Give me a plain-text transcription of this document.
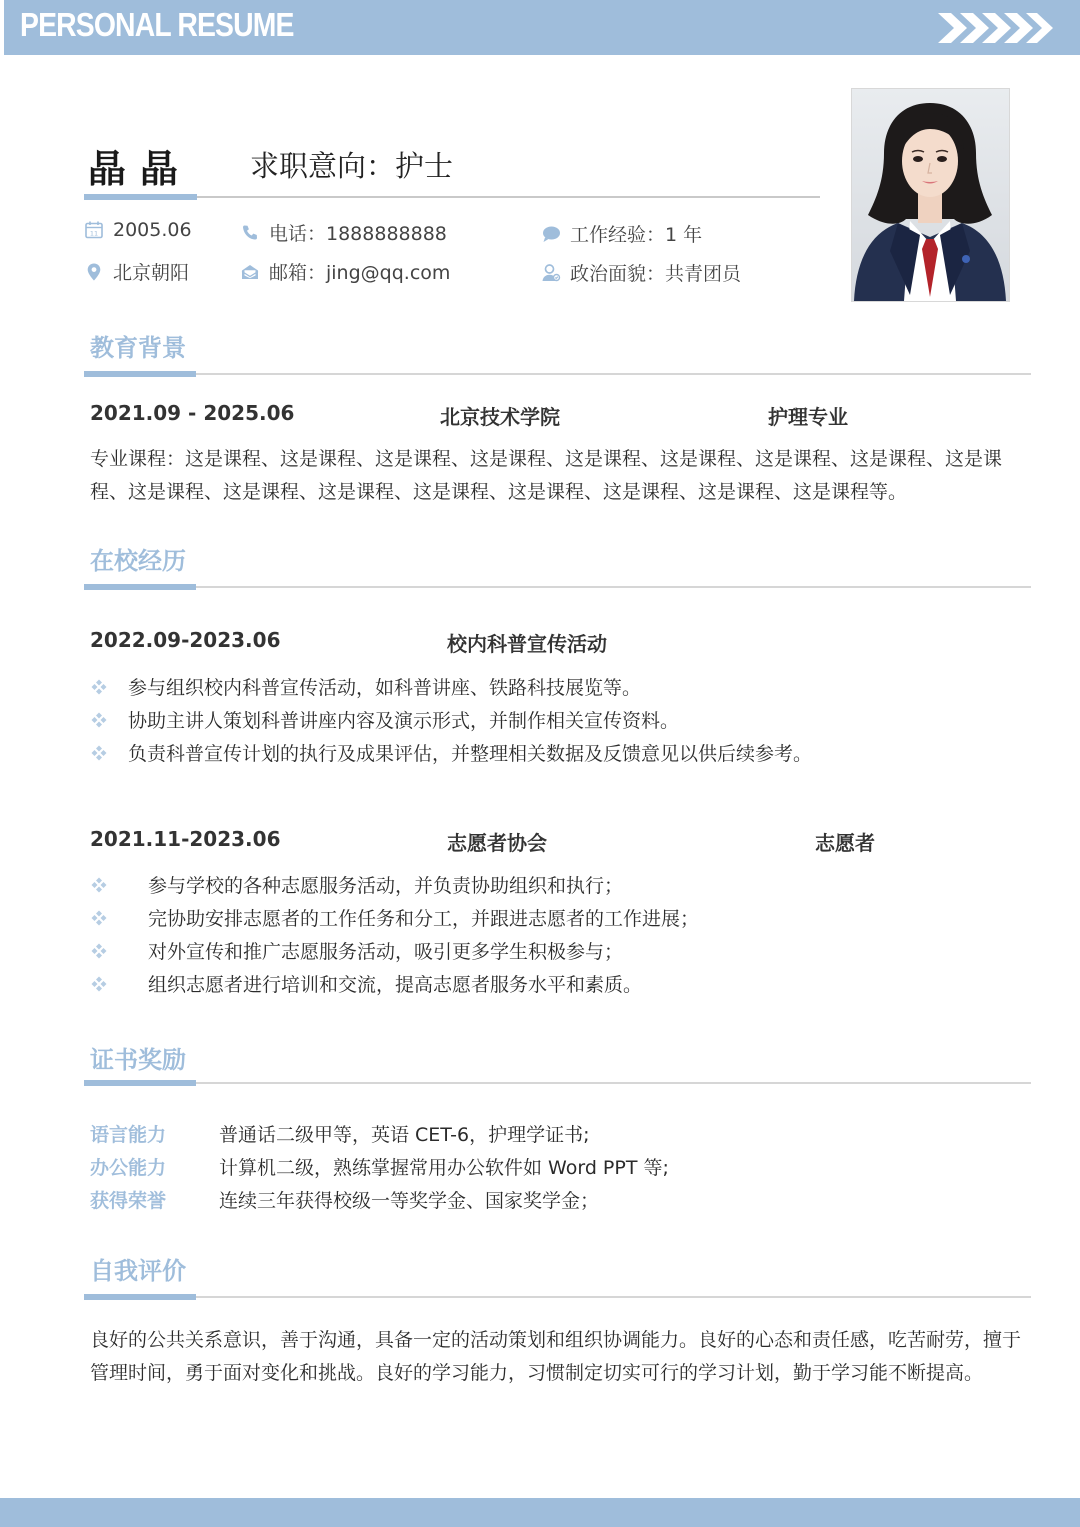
PERSONAL RESUME
晶晶 求职意向：护士
11 2005.06
北京朝阳
电话：1888888888
邮箱：jing@qq.com
工作经验：1 年
政治面貌：共青团员
教育背景
2021.09 - 2025.06	北京技术学院	护理专业
专业课程：这是课程、这是课程、这是课程、这是课程、这是课程、这是课程、这是课程、这是课程、这是课程、这是课程、这是课程、这是课程、这是课程、这是课程、这是课程、这是课程、这是课程等。
在校经历
2022.09-2023.06	校内科普宣传活动
参与组织校内科普宣传活动，如科普讲座、铁路科技展览等。
协助主讲人策划科普讲座内容及演示形式，并制作相关宣传资料。
负责科普宣传计划的执行及成果评估，并整理相关数据及反馈意见以供后续参考。
2021.11-2023.06	志愿者协会	志愿者
参与学校的各种志愿服务活动，并负责协助组织和执行；
完协助安排志愿者的工作任务和分工，并跟进志愿者的工作进展；
对外宣传和推广志愿服务活动，吸引更多学生积极参与；
组织志愿者进行培训和交流，提高志愿者服务水平和素质。
证书奖励
语言能力	普通话二级甲等，英语 CET-6，护理学证书;
办公能力	计算机二级，熟练掌握常用办公软件如 Word PPT 等;
获得荣誉	连续三年获得校级一等奖学金、国家奖学金；
自我评价
良好的公共关系意识，善于沟通，具备一定的活动策划和组织协调能力。良好的心态和责任感，吃苦耐劳，擅于管理时间，勇于面对变化和挑战。良好的学习能力，习惯制定切实可行的学习计划，勤于学习能不断提高。
